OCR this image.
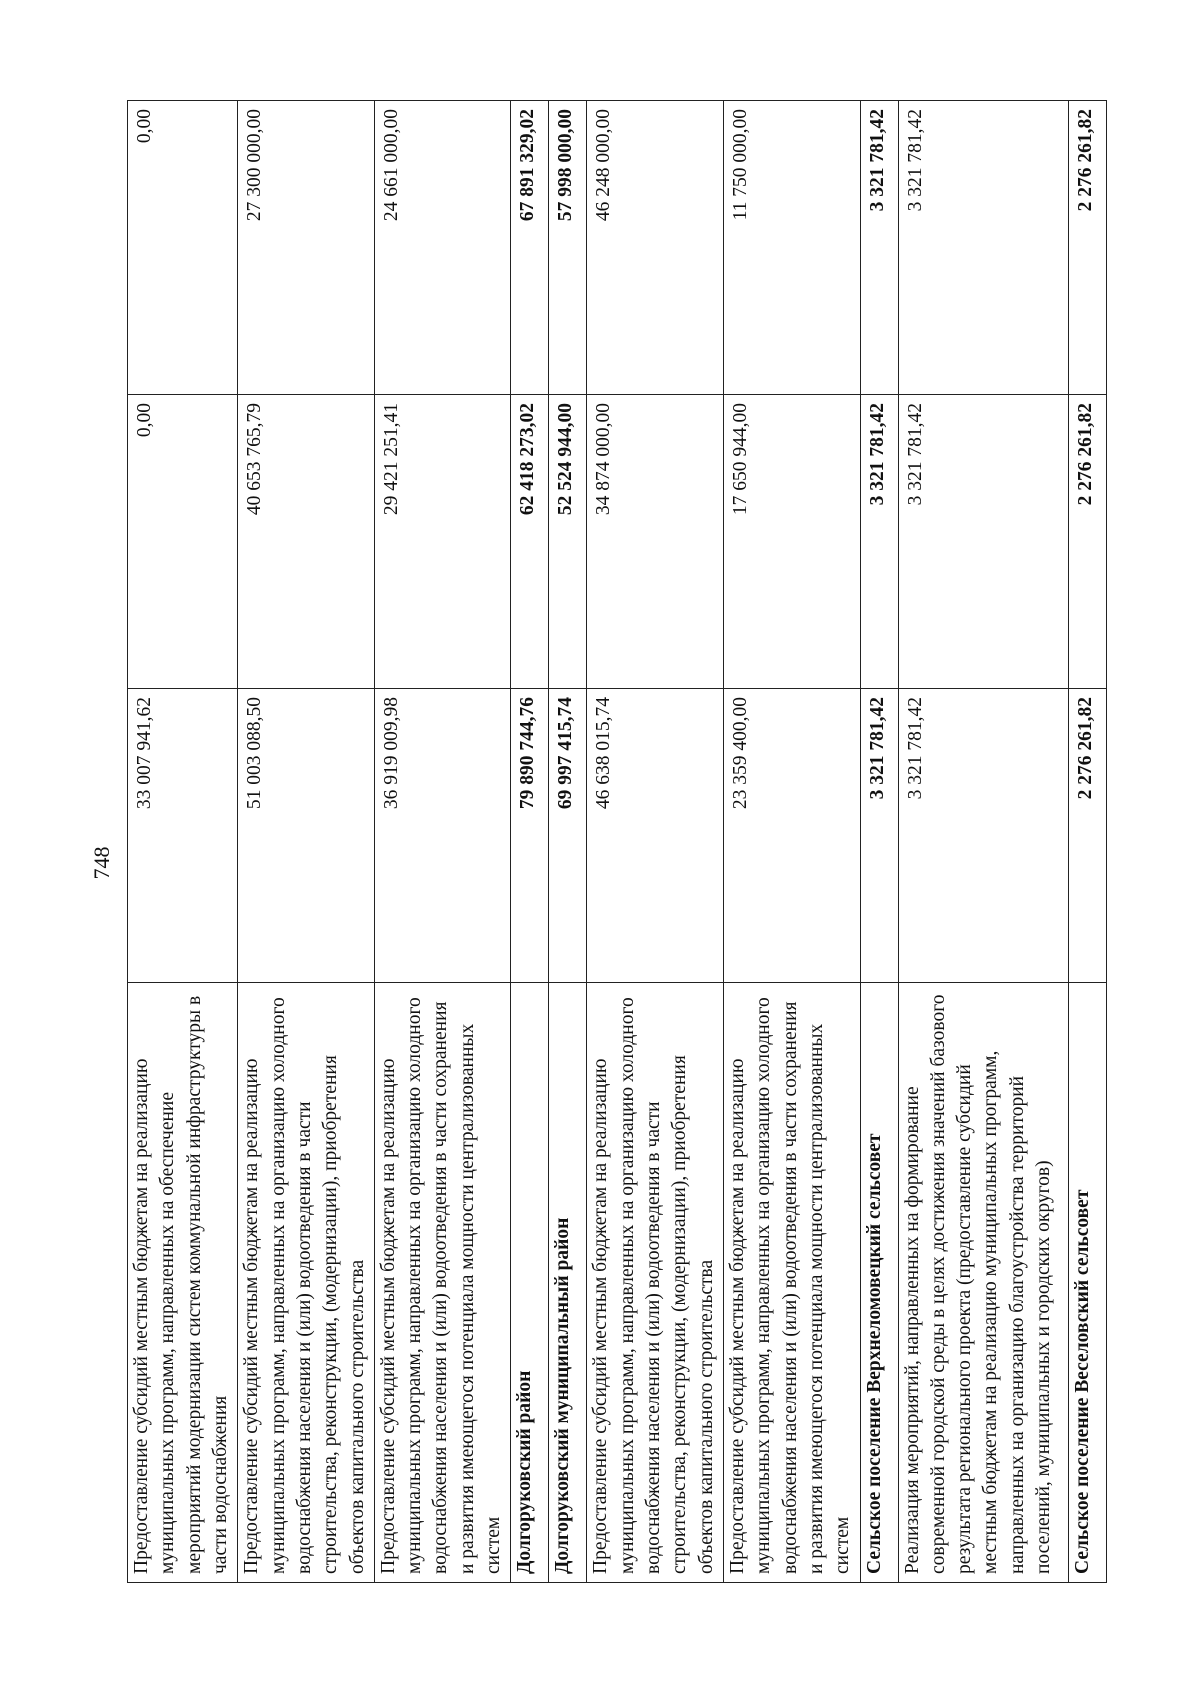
748
Предоставление субсидий местным бюджетам на реализацию муниципальных программ, направленных на обеспечение мероприятий модернизации систем коммунальной инфраструктуры в части водоснабжения	33 007 941,62	0,00	0,00
Предоставление субсидий местным бюджетам на реализацию муниципальных программ, направленных на организацию холодного водоснабжения населения и (или) водоотведения в части строительства, реконструкции, (модернизации), приобретения объектов капитального строительства	51 003 088,50	40 653 765,79	27 300 000,00
Предоставление субсидий местным бюджетам на реализацию муниципальных программ, направленных на организацию холодного водоснабжения населения и (или) водоотведения в части сохранения и развития имеющегося потенциала мощности централизованных систем	36 919 009,98	29 421 251,41	24 661 000,00
Долгоруковский район	79 890 744,76	62 418 273,02	67 891 329,02
Долгоруковский муниципальный район	69 997 415,74	52 524 944,00	57 998 000,00
Предоставление субсидий местным бюджетам на реализацию муниципальных программ, направленных на организацию холодного водоснабжения населения и (или) водоотведения в части строительства, реконструкции, (модернизации), приобретения объектов капитального строительства	46 638 015,74	34 874 000,00	46 248 000,00
Предоставление субсидий местным бюджетам на реализацию муниципальных программ, направленных на организацию холодного водоснабжения населения и (или) водоотведения в части сохранения и развития имеющегося потенциала мощности централизованных систем	23 359 400,00	17 650 944,00	11 750 000,00
Сельское поселение Верхнеломовецкий сельсовет	3 321 781,42	3 321 781,42	3 321 781,42
Реализация мероприятий, направленных на формирование современной городской среды в целях достижения значений базового результата регионального проекта (предоставление субсидий местным бюджетам на реализацию муниципальных программ, направленных на организацию благоустройства территорий поселений, муниципальных и городских округов)	3 321 781,42	3 321 781,42	3 321 781,42
Сельское поселение Веселовский сельсовет	2 276 261,82	2 276 261,82	2 276 261,82
